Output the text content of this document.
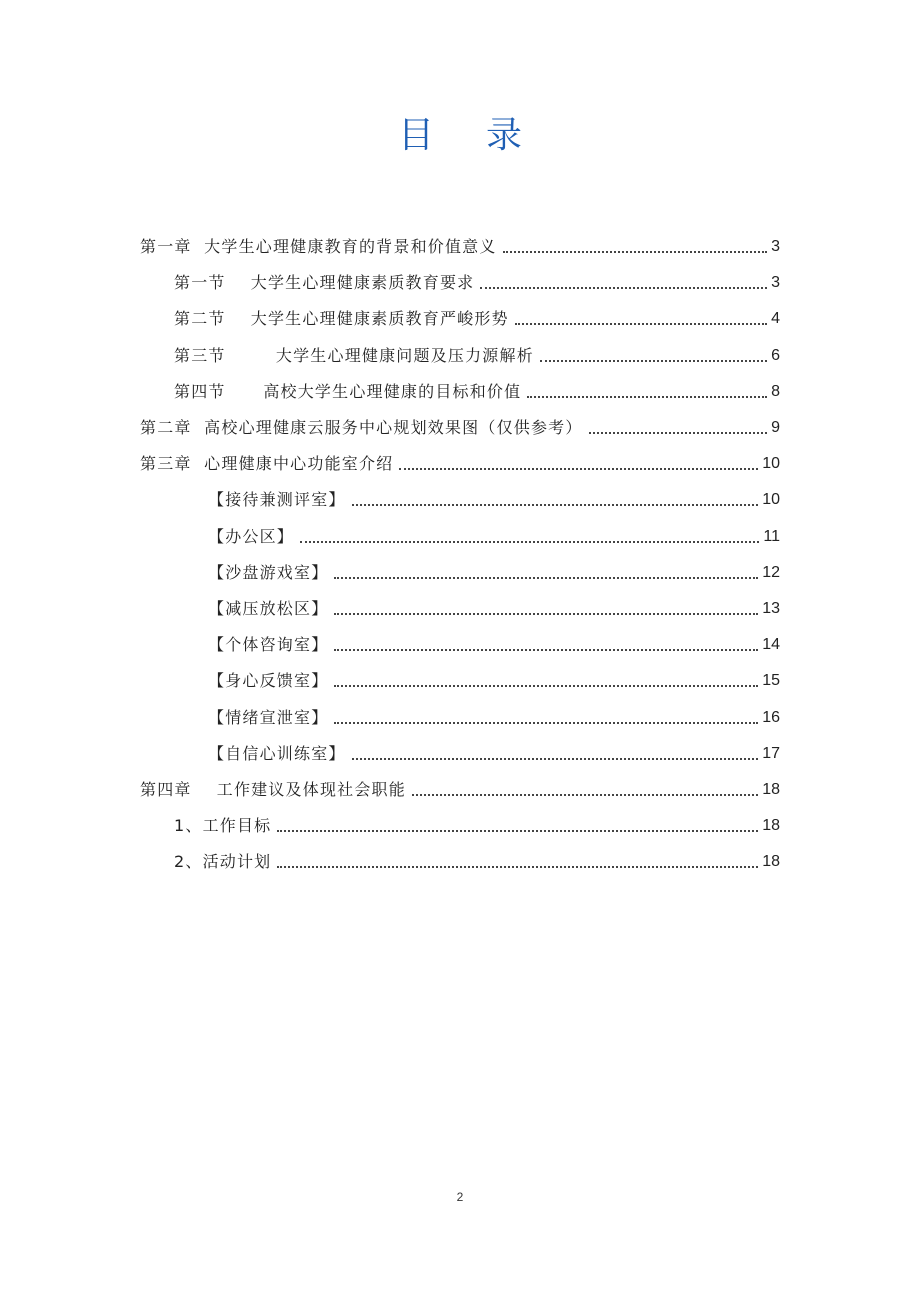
目录
第一章  大学生心理健康教育的背景和价值意义	3
第一节    大学生心理健康素质教育要求	3
第二节    大学生心理健康素质教育严峻形势	4
第三节        大学生心理健康问题及压力源解析	6
第四节      高校大学生心理健康的目标和价值	8
第二章  高校心理健康云服务中心规划效果图（仅供参考）	9
第三章  心理健康中心功能室介绍	10
【接待兼测评室】	10
【办公区】	11
【沙盘游戏室】	12
【减压放松区】	13
【个体咨询室】	14
【身心反馈室】	15
【情绪宣泄室】	16
【自信心训练室】	17
第四章    工作建议及体现社会职能	18
1、工作目标	18
2、活动计划	18
2
